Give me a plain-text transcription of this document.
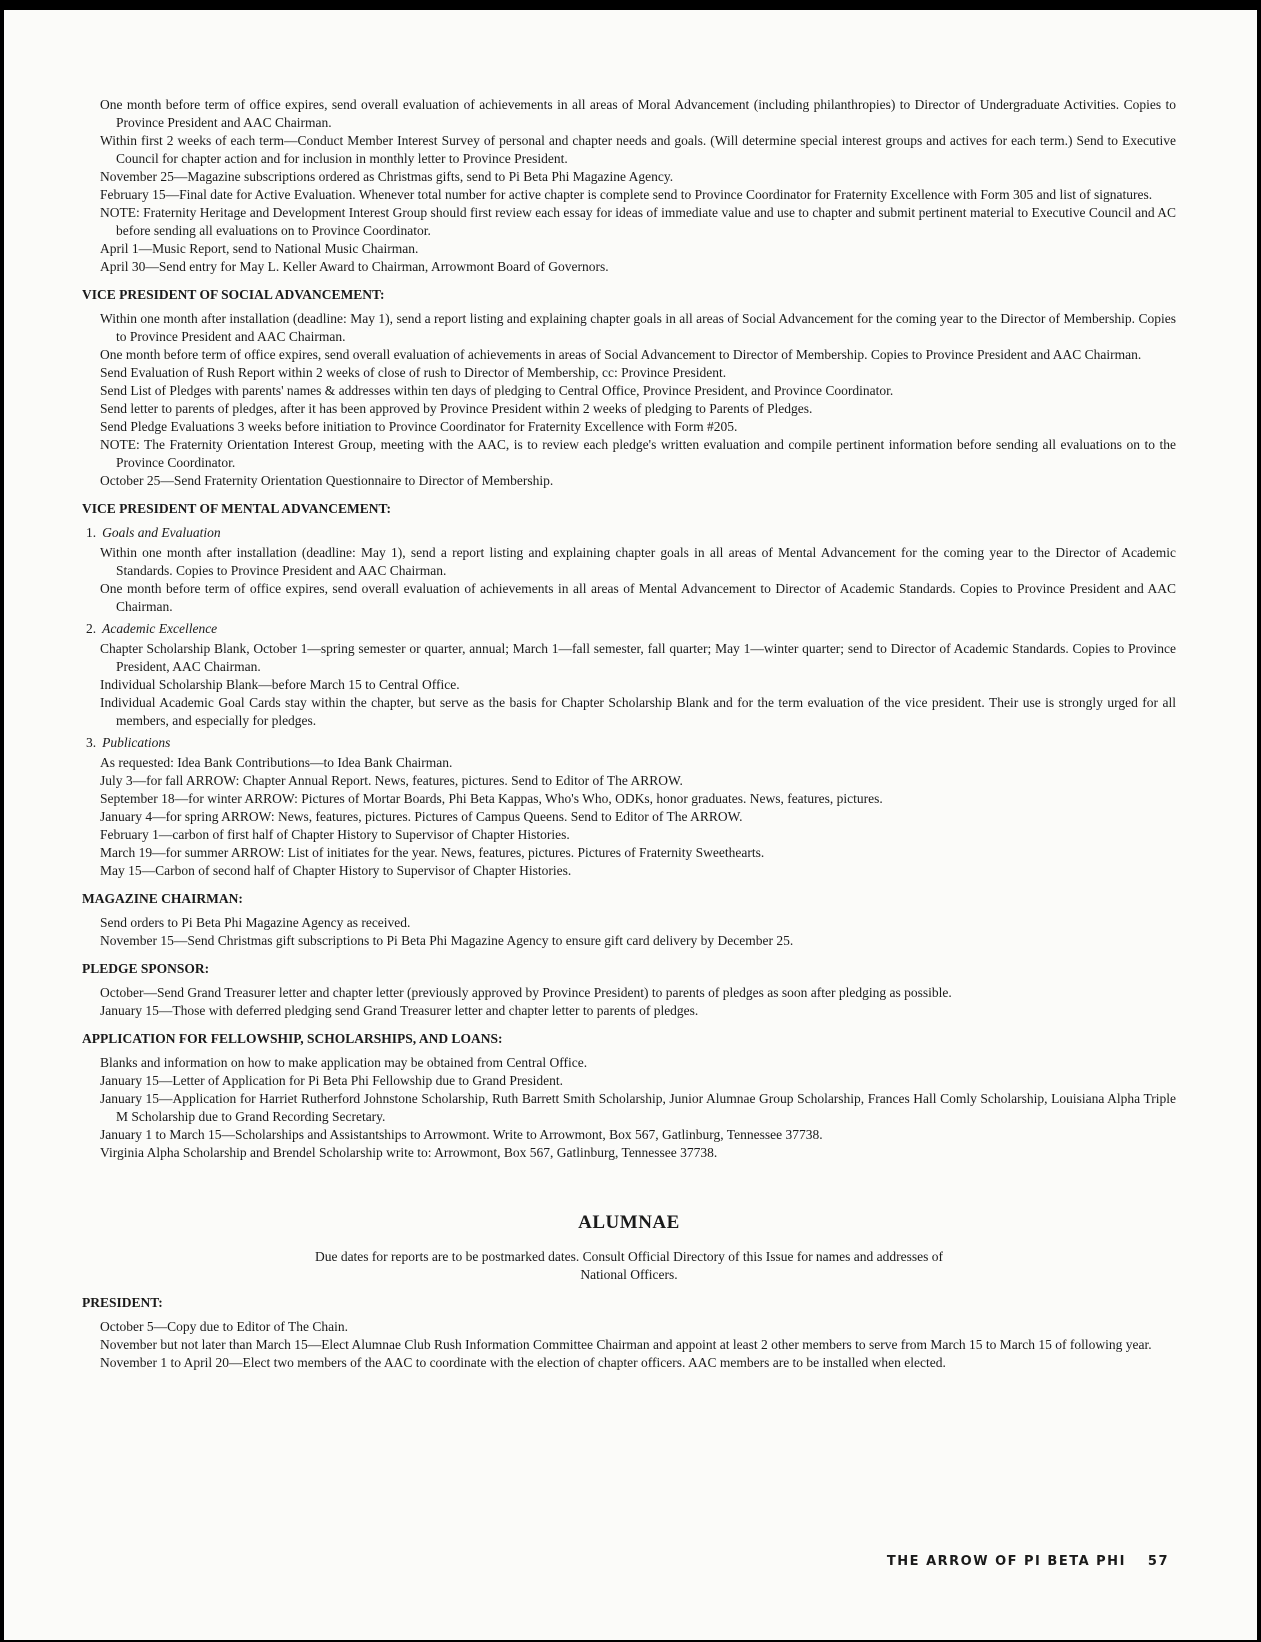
One month before term of office expires, send overall evaluation of achievements in all areas of Moral Advancement (including philanthropies) to Director of Undergraduate Activities. Copies to Province President and AAC Chairman.

Within first 2 weeks of each term—Conduct Member Interest Survey of personal and chapter needs and goals. (Will determine special interest groups and actives for each term.) Send to Executive Council for chapter action and for inclusion in monthly letter to Province President.

November 25—Magazine subscriptions ordered as Christmas gifts, send to Pi Beta Phi Magazine Agency.

February 15—Final date for Active Evaluation. Whenever total number for active chapter is complete send to Province Coordinator for Fraternity Excellence with Form 305 and list of signatures.

NOTE: Fraternity Heritage and Development Interest Group should first review each essay for ideas of immediate value and use to chapter and submit pertinent material to Executive Council and AC before sending all evaluations on to Province Coordinator.

April 1—Music Report, send to National Music Chairman.

April 30—Send entry for May L. Keller Award to Chairman, Arrowmont Board of Governors.

VICE PRESIDENT OF SOCIAL ADVANCEMENT:

Within one month after installation (deadline: May 1), send a report listing and explaining chapter goals in all areas of Social Advancement for the coming year to the Director of Membership. Copies to Province President and AAC Chairman.

One month before term of office expires, send overall evaluation of achievements in areas of Social Advancement to Director of Membership. Copies to Province President and AAC Chairman.

Send Evaluation of Rush Report within 2 weeks of close of rush to Director of Membership, cc: Province President.

Send List of Pledges with parents' names & addresses within ten days of pledging to Central Office, Province President, and Province Coordinator.

Send letter to parents of pledges, after it has been approved by Province President within 2 weeks of pledging to Parents of Pledges.

Send Pledge Evaluations 3 weeks before initiation to Province Coordinator for Fraternity Excellence with Form #205.

NOTE: The Fraternity Orientation Interest Group, meeting with the AAC, is to review each pledge's written evaluation and compile pertinent information before sending all evaluations on to the Province Coordinator.

October 25—Send Fraternity Orientation Questionnaire to Director of Membership.

VICE PRESIDENT OF MENTAL ADVANCEMENT:
1. Goals and Evaluation

Within one month after installation (deadline: May 1), send a report listing and explaining chapter goals in all areas of Mental Advancement for the coming year to the Director of Academic Standards. Copies to Province President and AAC Chairman.

One month before term of office expires, send overall evaluation of achievements in all areas of Mental Advancement to Director of Academic Standards. Copies to Province President and AAC Chairman.

2. Academic Excellence

Chapter Scholarship Blank, October 1—spring semester or quarter, annual; March 1—fall semester, fall quarter; May 1—winter quarter; send to Director of Academic Standards. Copies to Province President, AAC Chairman.

Individual Scholarship Blank—before March 15 to Central Office.

Individual Academic Goal Cards stay within the chapter, but serve as the basis for Chapter Scholarship Blank and for the term evaluation of the vice president. Their use is strongly urged for all members, and especially for pledges.

3. Publications

As requested: Idea Bank Contributions—to Idea Bank Chairman.

July 3—for fall ARROW: Chapter Annual Report. News, features, pictures. Send to Editor of The ARROW.

September 18—for winter ARROW: Pictures of Mortar Boards, Phi Beta Kappas, Who's Who, ODKs, honor graduates. News, features, pictures.

January 4—for spring ARROW: News, features, pictures. Pictures of Campus Queens. Send to Editor of The ARROW.

February 1—carbon of first half of Chapter History to Supervisor of Chapter Histories.

March 19—for summer ARROW: List of initiates for the year. News, features, pictures. Pictures of Fraternity Sweethearts.

May 15—Carbon of second half of Chapter History to Supervisor of Chapter Histories.

MAGAZINE CHAIRMAN:

Send orders to Pi Beta Phi Magazine Agency as received.

November 15—Send Christmas gift subscriptions to Pi Beta Phi Magazine Agency to ensure gift card delivery by December 25.

PLEDGE SPONSOR:

October—Send Grand Treasurer letter and chapter letter (previously approved by Province President) to parents of pledges as soon after pledging as possible.

January 15—Those with deferred pledging send Grand Treasurer letter and chapter letter to parents of pledges.

APPLICATION FOR FELLOWSHIP, SCHOLARSHIPS, AND LOANS:

Blanks and information on how to make application may be obtained from Central Office.

January 15—Letter of Application for Pi Beta Phi Fellowship due to Grand President.

January 15—Application for Harriet Rutherford Johnstone Scholarship, Ruth Barrett Smith Scholarship, Junior Alumnae Group Scholarship, Frances Hall Comly Scholarship, Louisiana Alpha Triple M Scholarship due to Grand Recording Secretary.

January 1 to March 15—Scholarships and Assistantships to Arrowmont. Write to Arrowmont, Box 567, Gatlinburg, Tennessee 37738.

Virginia Alpha Scholarship and Brendel Scholarship write to: Arrowmont, Box 567, Gatlinburg, Tennessee 37738.

ALUMNAE
Due dates for reports are to be postmarked dates. Consult Official Directory of this Issue for names and addresses of National Officers.
PRESIDENT:

October 5—Copy due to Editor of The Chain.

November but not later than March 15—Elect Alumnae Club Rush Information Committee Chairman and appoint at least 2 other members to serve from March 15 to March 15 of following year.

November 1 to April 20—Elect two members of the AAC to coordinate with the election of chapter officers. AAC members are to be installed when elected.

THE ARROW OF PI BETA PHI 57
